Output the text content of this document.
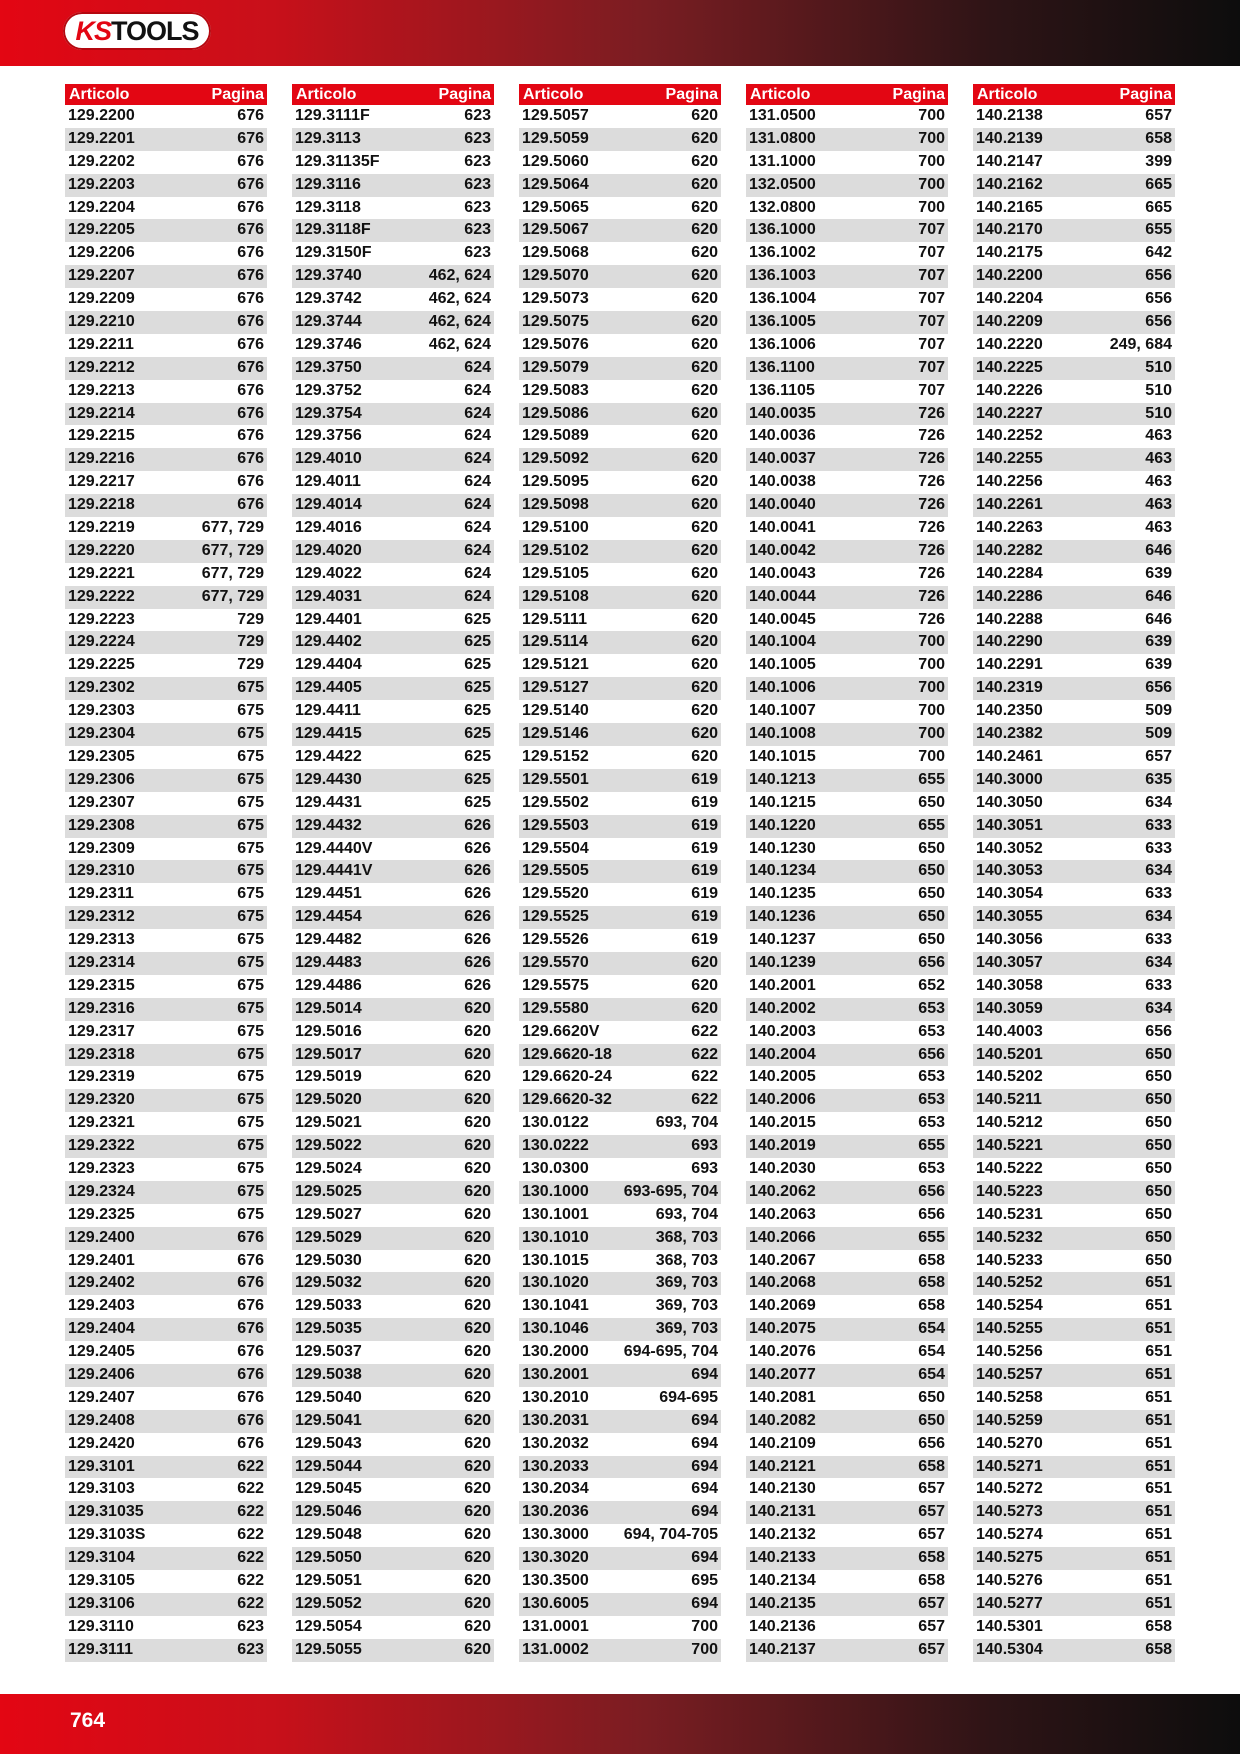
KSTOOLS
Articolo	Pagina
129.2200	676
129.2201	676
129.2202	676
129.2203	676
129.2204	676
129.2205	676
129.2206	676
129.2207	676
129.2209	676
129.2210	676
129.2211	676
129.2212	676
129.2213	676
129.2214	676
129.2215	676
129.2216	676
129.2217	676
129.2218	676
129.2219	677, 729
129.2220	677, 729
129.2221	677, 729
129.2222	677, 729
129.2223	729
129.2224	729
129.2225	729
129.2302	675
129.2303	675
129.2304	675
129.2305	675
129.2306	675
129.2307	675
129.2308	675
129.2309	675
129.2310	675
129.2311	675
129.2312	675
129.2313	675
129.2314	675
129.2315	675
129.2316	675
129.2317	675
129.2318	675
129.2319	675
129.2320	675
129.2321	675
129.2322	675
129.2323	675
129.2324	675
129.2325	675
129.2400	676
129.2401	676
129.2402	676
129.2403	676
129.2404	676
129.2405	676
129.2406	676
129.2407	676
129.2408	676
129.2420	676
129.3101	622
129.3103	622
129.31035	622
129.3103S	622
129.3104	622
129.3105	622
129.3106	622
129.3110	623
129.3111	623
Articolo	Pagina
129.3111F	623
129.3113	623
129.31135F	623
129.3116	623
129.3118	623
129.3118F	623
129.3150F	623
129.3740	462, 624
129.3742	462, 624
129.3744	462, 624
129.3746	462, 624
129.3750	624
129.3752	624
129.3754	624
129.3756	624
129.4010	624
129.4011	624
129.4014	624
129.4016	624
129.4020	624
129.4022	624
129.4031	624
129.4401	625
129.4402	625
129.4404	625
129.4405	625
129.4411	625
129.4415	625
129.4422	625
129.4430	625
129.4431	625
129.4432	626
129.4440V	626
129.4441V	626
129.4451	626
129.4454	626
129.4482	626
129.4483	626
129.4486	626
129.5014	620
129.5016	620
129.5017	620
129.5019	620
129.5020	620
129.5021	620
129.5022	620
129.5024	620
129.5025	620
129.5027	620
129.5029	620
129.5030	620
129.5032	620
129.5033	620
129.5035	620
129.5037	620
129.5038	620
129.5040	620
129.5041	620
129.5043	620
129.5044	620
129.5045	620
129.5046	620
129.5048	620
129.5050	620
129.5051	620
129.5052	620
129.5054	620
129.5055	620
Articolo	Pagina
129.5057	620
129.5059	620
129.5060	620
129.5064	620
129.5065	620
129.5067	620
129.5068	620
129.5070	620
129.5073	620
129.5075	620
129.5076	620
129.5079	620
129.5083	620
129.5086	620
129.5089	620
129.5092	620
129.5095	620
129.5098	620
129.5100	620
129.5102	620
129.5105	620
129.5108	620
129.5111	620
129.5114	620
129.5121	620
129.5127	620
129.5140	620
129.5146	620
129.5152	620
129.5501	619
129.5502	619
129.5503	619
129.5504	619
129.5505	619
129.5520	619
129.5525	619
129.5526	619
129.5570	620
129.5575	620
129.5580	620
129.6620V	622
129.6620-18	622
129.6620-24	622
129.6620-32	622
130.0122	693, 704
130.0222	693
130.0300	693
130.1000 693-695, 704
130.1001	693, 704
130.1010	368, 703
130.1015	368, 703
130.1020	369, 703
130.1041	369, 703
130.1046	369, 703
130.2000 694-695, 704
130.2001	694
130.2010	694-695
130.2031	694
130.2032	694
130.2033	694
130.2034	694
130.2036	694
130.3000 694, 704-705
130.3020	694
130.3500	695
130.6005	694
131.0001	700
131.0002	700
Articolo	Pagina
131.0500	700
131.0800	700
131.1000	700
132.0500	700
132.0800	700
136.1000	707
136.1002	707
136.1003	707
136.1004	707
136.1005	707
136.1006	707
136.1100	707
136.1105	707
140.0035	726
140.0036	726
140.0037	726
140.0038	726
140.0040	726
140.0041	726
140.0042	726
140.0043	726
140.0044	726
140.0045	726
140.1004	700
140.1005	700
140.1006	700
140.1007	700
140.1008	700
140.1015	700
140.1213	655
140.1215	650
140.1220	655
140.1230	650
140.1234	650
140.1235	650
140.1236	650
140.1237	650
140.1239	656
140.2001	652
140.2002	653
140.2003	653
140.2004	656
140.2005	653
140.2006	653
140.2015	653
140.2019	655
140.2030	653
140.2062	656
140.2063	656
140.2066	655
140.2067	658
140.2068	658
140.2069	658
140.2075	654
140.2076	654
140.2077	654
140.2081	650
140.2082	650
140.2109	656
140.2121	658
140.2130	657
140.2131	657
140.2132	657
140.2133	658
140.2134	658
140.2135	657
140.2136	657
140.2137	657
Articolo	Pagina
140.2138	657
140.2139	658
140.2147	399
140.2162	665
140.2165	665
140.2170	655
140.2175	642
140.2200	656
140.2204	656
140.2209	656
140.2220	249, 684
140.2225	510
140.2226	510
140.2227	510
140.2252	463
140.2255	463
140.2256	463
140.2261	463
140.2263	463
140.2282	646
140.2284	639
140.2286	646
140.2288	646
140.2290	639
140.2291	639
140.2319	656
140.2350	509
140.2382	509
140.2461	657
140.3000	635
140.3050	634
140.3051	633
140.3052	633
140.3053	634
140.3054	633
140.3055	634
140.3056	633
140.3057	634
140.3058	633
140.3059	634
140.4003	656
140.5201	650
140.5202	650
140.5211	650
140.5212	650
140.5221	650
140.5222	650
140.5223	650
140.5231	650
140.5232	650
140.5233	650
140.5252	651
140.5254	651
140.5255	651
140.5256	651
140.5257	651
140.5258	651
140.5259	651
140.5270	651
140.5271	651
140.5272	651
140.5273	651
140.5274	651
140.5275	651
140.5276	651
140.5277	651
140.5301	658
140.5304	658
764
